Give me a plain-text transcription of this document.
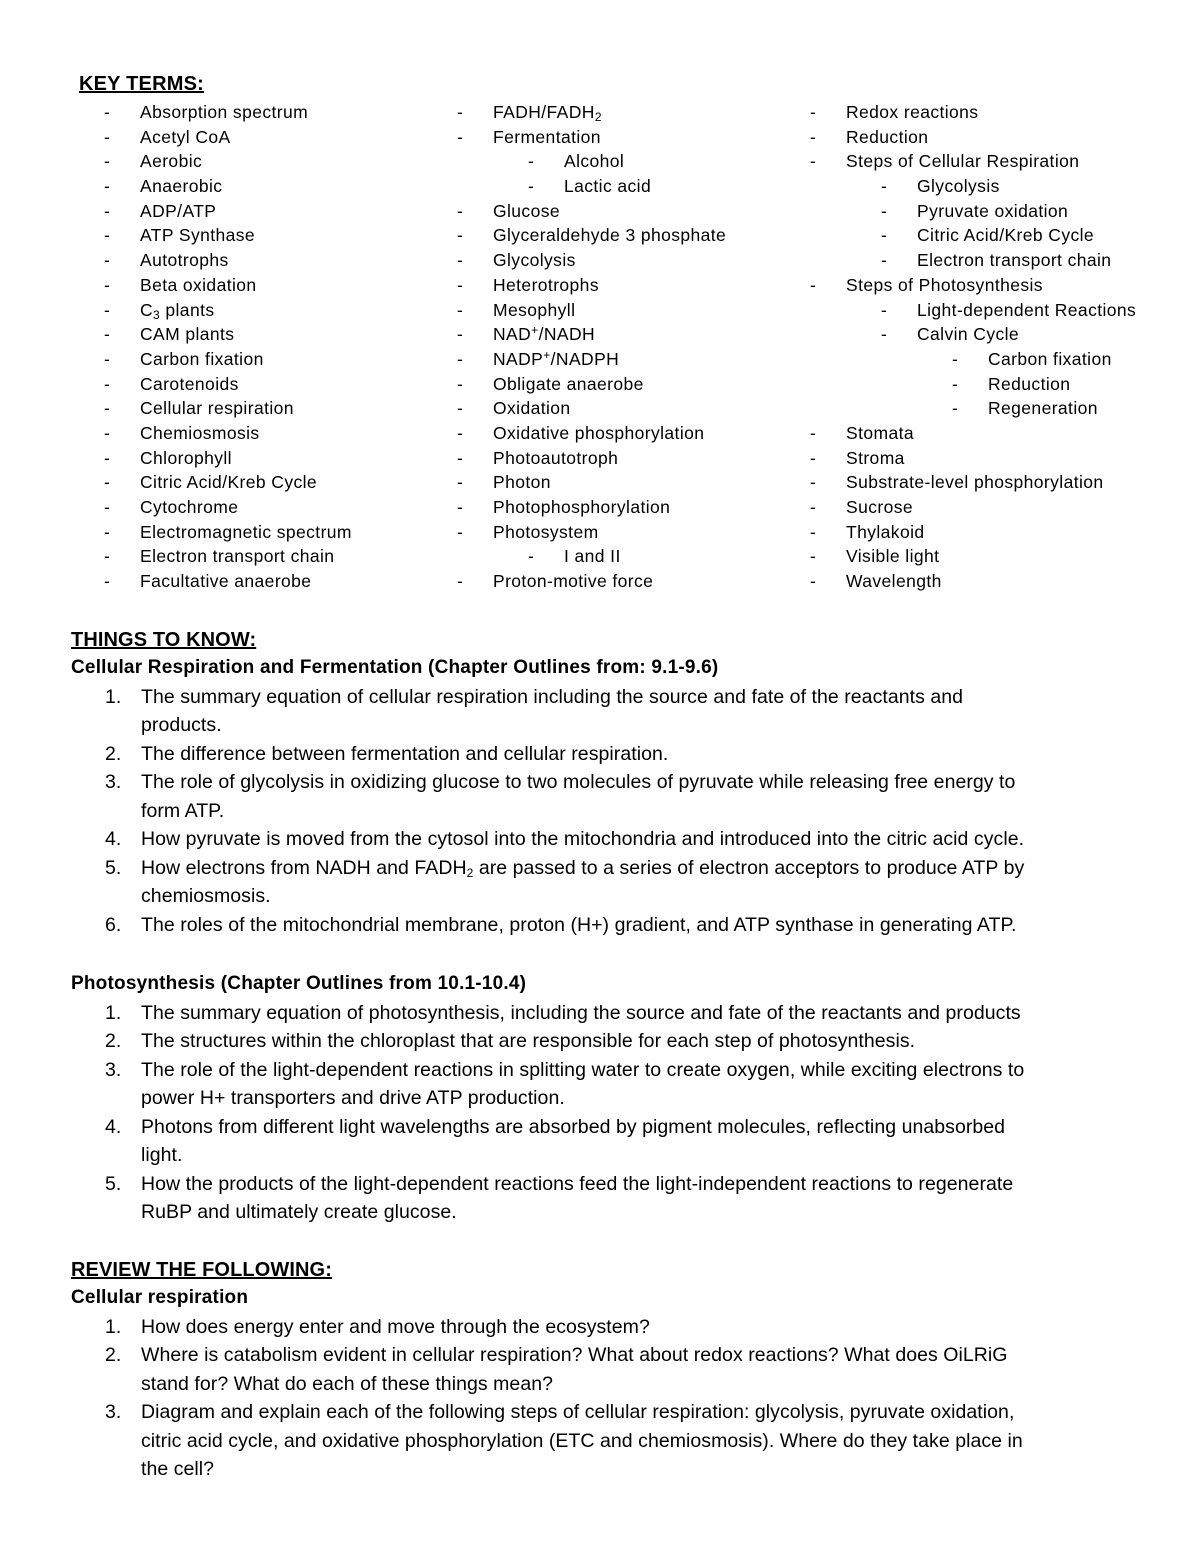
KEY TERMS:
- Absorption spectrum
- Acetyl CoA
- Aerobic
- Anaerobic
- ADP/ATP
- ATP Synthase
- Autotrophs
- Beta oxidation
- $C_3$ plants
- CAM plants
- Carbon fixation
- Carotenoids
- Cellular respiration
- Chemiosmosis
- Chlorophyll
- Citric Acid/Kreb Cycle
- Cytochrome
- Electromagnetic spectrum
- Electron transport chain
- Facultative anaerobe
- FADH/$FADH_2$
- Fermentation
- Alcohol
- Lactic acid
- Glucose
- Glyceraldehyde 3 phosphate
- Glycolysis
- Heterotrophs
- Mesophyll
- NAD+/NADH
- NADP+/NADPH
- Obligate anaerobe
- Oxidation
- Oxidative phosphorylation
- Photoautotroph
- Photon
- Photophosphorylation
- Photosystem
- I and II
- Proton-motive force
- Redox reactions
- Reduction
- Steps of Cellular Respiration
- Glycolysis
- Pyruvate oxidation
- Citric Acid/Kreb Cycle
- Electron transport chain
- Steps of Photosynthesis
- Light-dependent Reactions
- Calvin Cycle
- Carbon fixation
- Reduction
- Regeneration
- Stomata
- Stroma
- Substrate-level phosphorylation
- Sucrose
- Thylakoid
- Visible light
- Wavelength
THINGS TO KNOW:
Cellular Respiration and Fermentation (Chapter Outlines from: 9.1-9.6)
1.	The summary equation of cellular respiration including the source and fate of the reactants and
products.
2.	The difference between fermentation and cellular respiration.
3.	The role of glycolysis in oxidizing glucose to two molecules of pyruvate while releasing free energy to
form ATP.
4.	How pyruvate is moved from the cytosol into the mitochondria and introduced into the citric acid cycle.
5.	How electrons from NADH and $FADH_2$ are passed to a series of electron acceptors to produce ATP by
chemiosmosis.
6.	The roles of the mitochondrial membrane, proton (H+) gradient, and ATP synthase in generating ATP.
Photosynthesis (Chapter Outlines from 10.1-10.4)
1.	The summary equation of photosynthesis, including the source and fate of the reactants and products
2.	The structures within the chloroplast that are responsible for each step of photosynthesis.
3.	The role of the light-dependent reactions in splitting water to create oxygen, while exciting electrons to
power H+ transporters and drive ATP production.
4.	Photons from different light wavelengths are absorbed by pigment molecules, reflecting unabsorbed
light.
5.	How the products of the light-dependent reactions feed the light-independent reactions to regenerate
RuBP and ultimately create glucose.
REVIEW THE FOLLOWING:
Cellular respiration
1.	How does energy enter and move through the ecosystem?
2.	Where is catabolism evident in cellular respiration? What about redox reactions? What does OiLRiG
stand for? What do each of these things mean?
3.	Diagram and explain each of the following steps of cellular respiration: glycolysis, pyruvate oxidation,
citric acid cycle, and oxidative phosphorylation (ETC and chemiosmosis). Where do they take place in
the cell?
